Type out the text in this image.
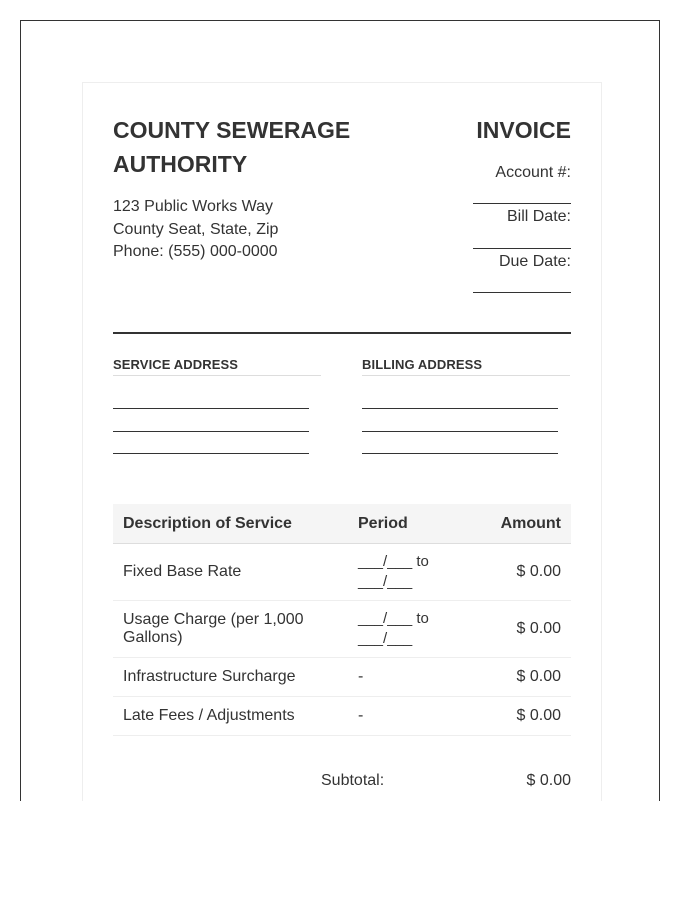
COUNTY SEWERAGE
AUTHORITY
123 Public Works Way
County Seat, State, Zip
Phone: (555) 000-0000
INVOICE
Account #:
Bill Date:
Due Date:
SERVICE ADDRESS	BILLING ADDRESS
Description of Service	Period	Amount
Fixed Base Rate	___/___ to ___/___	$ 0.00
Usage Charge (per 1,000 Gallons)	___/___ to ___/___	$ 0.00
Infrastructure Surcharge	-	$ 0.00
Late Fees / Adjustments	-	$ 0.00
Subtotal:	$ 0.00
